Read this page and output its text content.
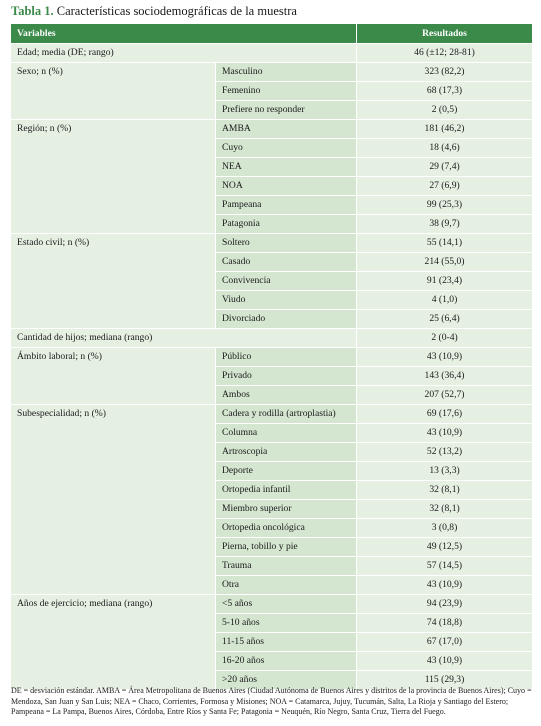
Tabla 1. Características sociodemográficas de la muestra
Variables		Resultados
Edad; media (DE; rango)		46 (±12; 28-81)
Sexo; n (%)	Masculino	323 (82,2)
	Femenino	68 (17,3)
	Prefiere no responder	2 (0,5)
Región; n (%)	AMBA	181 (46,2)
	Cuyo	18 (4,6)
	NEA	29 (7,4)
	NOA	27 (6,9)
	Pampeana	99 (25,3)
	Patagonia	38 (9,7)
Estado civil; n (%)	Soltero	55 (14,1)
	Casado	214 (55,0)
	Convivencia	91 (23,4)
	Viudo	4 (1,0)
	Divorciado	25 (6,4)
Cantidad de hijos; mediana (rango)		2 (0-4)
Ámbito laboral; n (%)	Público	43 (10,9)
	Privado	143 (36,4)
	Ambos	207 (52,7)
Subespecialidad; n (%)	Cadera y rodilla (artroplastia)	69 (17,6)
	Columna	43 (10,9)
	Artroscopia	52 (13,2)
	Deporte	13 (3,3)
	Ortopedia infantil	32 (8,1)
	Miembro superior	32 (8,1)
	Ortopedia oncológica	3 (0,8)
	Pierna, tobillo y pie	49 (12,5)
	Trauma	57 (14,5)
	Otra	43 (10,9)
Años de ejercicio; mediana (rango)	<5 años	94 (23,9)
	5-10 años	74 (18,8)
	11-15 años	67 (17,0)
	16-20 años	43 (10,9)
	>20 años	115 (29,3)
DE = desviación estándar. AMBA = Área Metropolitana de Buenos Aires (Ciudad Autónoma de Buenos Aires y distritos de la provincia de Buenos Aires); Cuyo = Mendoza, San Juan y San Luis; NEA = Chaco, Corrientes, Formosa y Misiones; NOA = Catamarca, Jujuy, Tucumán, Salta, La Rioja y Santiago del Estero; Pampeana = La Pampa, Buenos Aires, Córdoba, Entre Ríos y Santa Fe; Patagonia = Neuquén, Río Negro, Santa Cruz, Tierra del Fuego.
